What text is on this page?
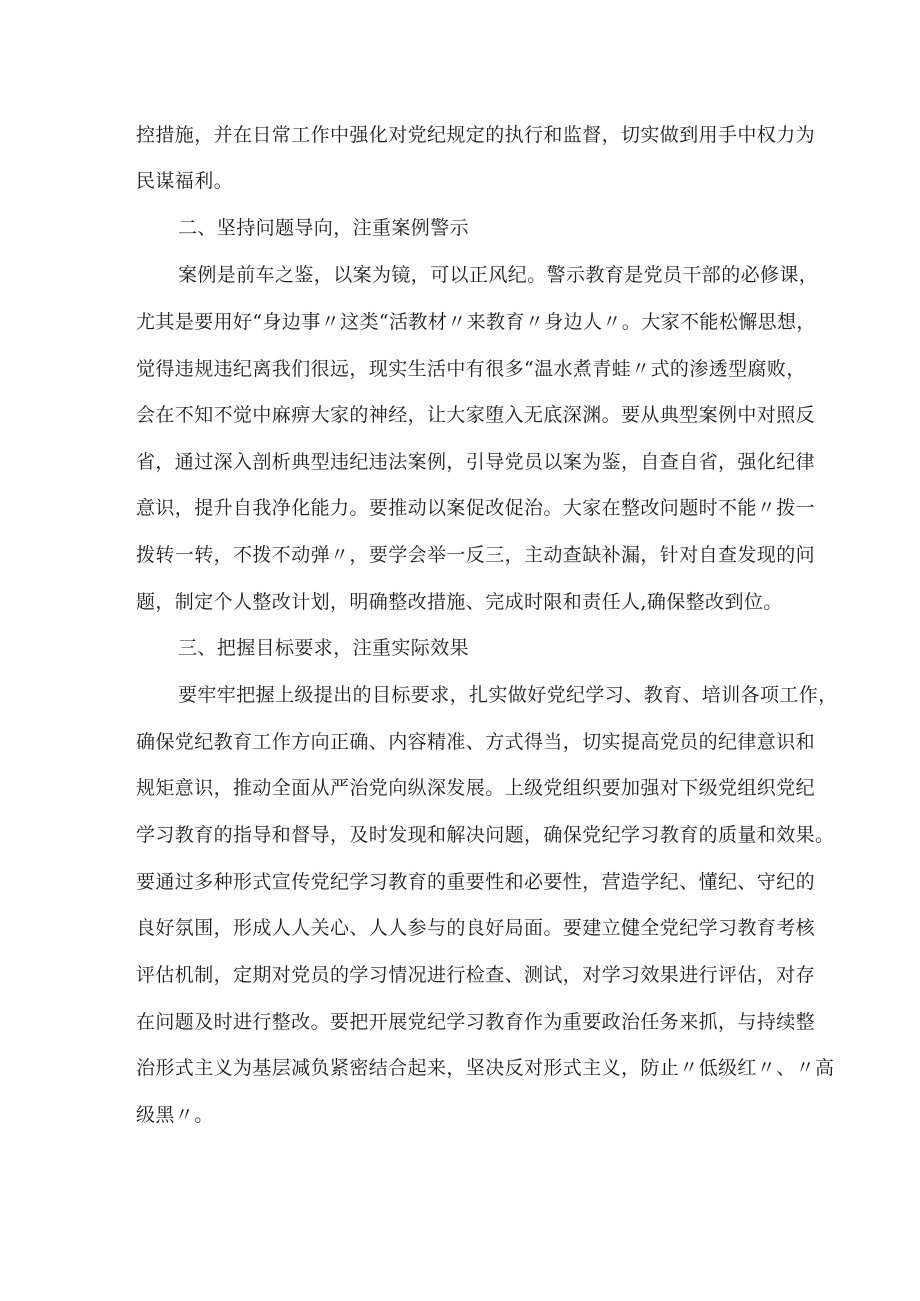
控措施，并在日常工作中强化对党纪规定的执行和监督，切实做到用手中权力为
民谋福利。
二、坚持问题导向，注重案例警示
案例是前车之鉴，以案为镜，可以正风纪。警示教育是党员干部的必修课，
尤其是要用好“身边事〃这类“活教材〃来教育〃身边人〃。大家不能松懈思想，
觉得违规违纪离我们很远，现实生活中有很多“温水煮青蛙〃式的渗透型腐败，
会在不知不觉中麻痹大家的神经，让大家堕入无底深渊。要从典型案例中对照反
省，通过深入剖析典型违纪违法案例，引导党员以案为鉴，自查自省，强化纪律
意识，提升自我净化能力。要推动以案促改促治。大家在整改问题时不能〃拨一
拨转一转，不拨不动弹〃，要学会举一反三，主动查缺补漏，针对自查发现的问
题，制定个人整改计划，明确整改措施、完成时限和责任人,确保整改到位。
三、把握目标要求，注重实际效果
要牢牢把握上级提出的目标要求，扎实做好党纪学习、教育、培训各项工作，
确保党纪教育工作方向正确、内容精准、方式得当，切实提高党员的纪律意识和
规矩意识，推动全面从严治党向纵深发展。上级党组织要加强对下级党组织党纪
学习教育的指导和督导，及时发现和解决问题，确保党纪学习教育的质量和效果。
要通过多种形式宣传党纪学习教育的重要性和必要性，营造学纪、懂纪、守纪的
良好氛围，形成人人关心、人人参与的良好局面。要建立健全党纪学习教育考核
评估机制，定期对党员的学习情况进行检查、测试，对学习效果进行评估，对存
在问题及时进行整改。要把开展党纪学习教育作为重要政治任务来抓，与持续整
治形式主义为基层减负紧密结合起来，坚决反对形式主义，防止〃低级红〃、〃高
级黑〃。
